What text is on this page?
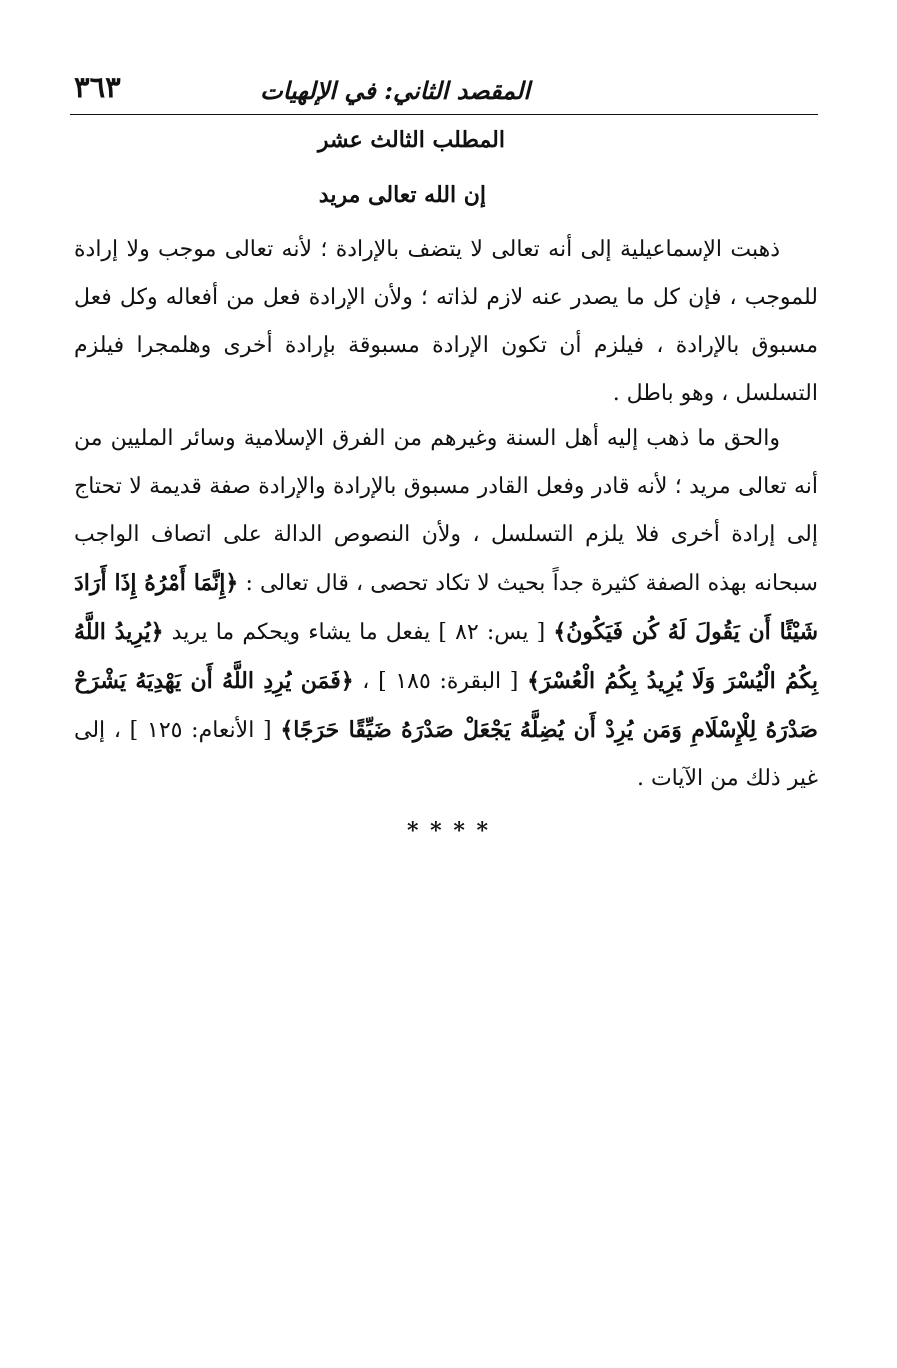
المقصد الثاني: في الإلهيات
٣٦٣
المطلب الثالث عشر
إن الله تعالى مريد

ذهبت الإسماعيلية إلى أنه تعالى لا يتضف بالإرادة ؛ لأنه تعالى موجب ولا إرادة للموجب ، فإن كل ما يصدر عنه لازم لذاته ؛ ولأن الإرادة فعل من أفعاله وكل فعل مسبوق بالإرادة ، فيلزم أن تكون الإرادة مسبوقة بإرادة أخرى وهلمجرا فيلزم التسلسل ، وهو باطل .

والحق ما ذهب إليه أهل السنة وغيرهم من الفرق الإسلامية وسائر المليين من أنه تعالى مريد ؛ لأنه قادر وفعل القادر مسبوق بالإرادة والإرادة صفة قديمة لا تحتاج إلى إرادة أخرى فلا يلزم التسلسل ، ولأن النصوص الدالة على اتصاف الواجب سبحانه بهذه الصفة كثيرة جداً بحيث لا تكاد تحصى ، قال تعالى : ﴿إِنَّمَا أَمْرُهُ إِذَا أَرَادَ شَيْئًا أَن يَقُولَ لَهُ كُن فَيَكُونُ﴾ [ يس: ٨٢ ] يفعل ما يشاء ويحكم ما يريد ﴿يُرِيدُ اللَّهُ بِكُمُ الْيُسْرَ وَلَا يُرِيدُ بِكُمُ الْعُسْرَ﴾ [ البقرة: ١٨٥ ] ، ﴿فَمَن يُرِدِ اللَّهُ أَن يَهْدِيَهُ يَشْرَحْ صَدْرَهُ لِلْإِسْلَامِ وَمَن يُرِدْ أَن يُضِلَّهُ يَجْعَلْ صَدْرَهُ ضَيِّقًا حَرَجًا﴾ [ الأنعام: ١٢٥ ] ، إلى غير ذلك من الآيات .

* * * *
